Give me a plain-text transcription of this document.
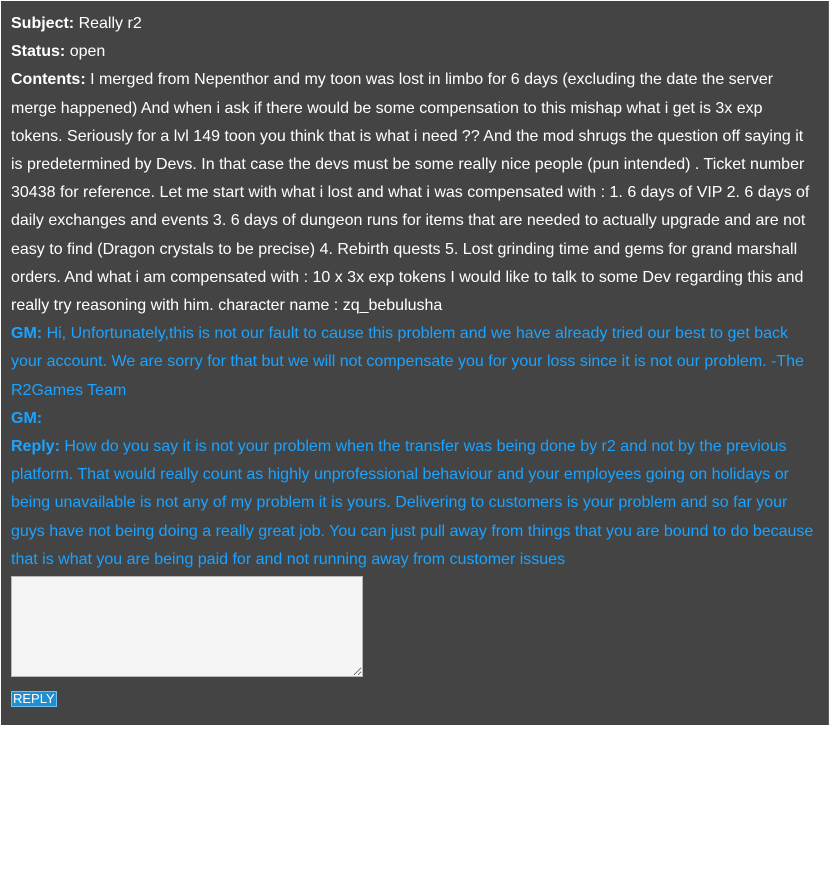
Subject: Really r2

Status: open

Contents: I merged from Nepenthor and my toon was lost in limbo for 6 days (excluding the date the server merge happened) And when i ask if there would be some compensation to this mishap what i get is 3x exp tokens. Seriously for a lvl 149 toon you think that is what i need ?? And the mod shrugs the question off saying it is predetermined by Devs. In that case the devs must be some really nice people (pun intended) . Ticket number 30438 for reference. Let me start with what i lost and what i was compensated with : 1. 6 days of VIP 2. 6 days of daily exchanges and events 3. 6 days of dungeon runs for items that are needed to actually upgrade and are not easy to find (Dragon crystals to be precise) 4. Rebirth quests 5. Lost grinding time and gems for grand marshall orders. And what i am compensated with : 10 x 3x exp tokens I would like to talk to some Dev regarding this and really try reasoning with him. character name : zq_bebulusha

GM: Hi, Unfortunately,this is not our fault to cause this problem and we have already tried our best to get back your account. We are sorry for that but we will not compensate you for your loss since it is not our problem. -The R2Games Team

GM:

Reply: How do you say it is not your problem when the transfer was being done by r2 and not by the previous platform. That would really count as highly unprofessional behaviour and your employees going on holidays or being unavailable is not any of my problem it is yours. Delivering to customers is your problem and so far your guys have not being doing a really great job. You can just pull away from things that you are bound to do because that is what you are being paid for and not running away from customer issues

REPLY
